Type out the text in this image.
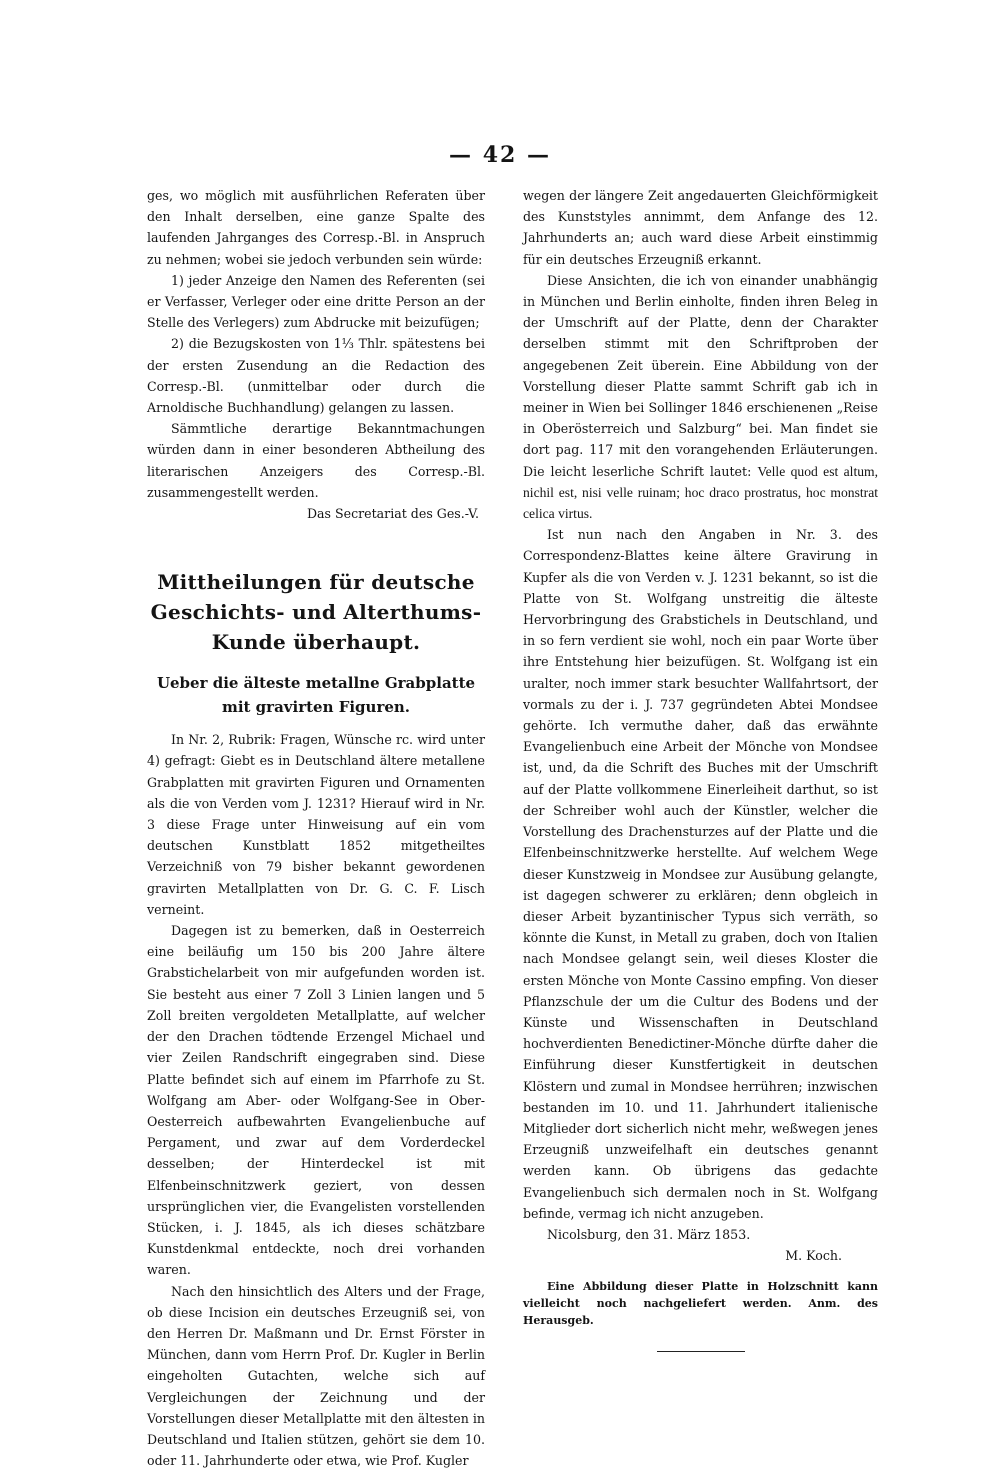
— 42 —

ges, wo möglich mit ausführlichen Referaten über den Inhalt derselben, eine ganze Spalte des laufenden Jahrganges des Corresp.-Bl. in Anspruch zu nehmen; wobei sie jedoch verbunden sein würde:

1) jeder Anzeige den Namen des Referenten (sei er Verfasser, Verleger oder eine dritte Person an der Stelle des Verlegers) zum Abdrucke mit beizufügen;

2) die Bezugskosten von 1⅓ Thlr. spätestens bei der ersten Zusendung an die Redaction des Corresp.-Bl. (unmittelbar oder durch die Arnoldische Buchhandlung) gelangen zu lassen.

Sämmtliche derartige Bekanntmachungen würden dann in einer besonderen Abtheilung des literarischen Anzeigers des Corresp.-Bl. zusammengestellt werden.

Das Secretariat des Ges.-V.

Mittheilungen für deutsche Geschichts- und Alterthums-Kunde überhaupt.

Ueber die älteste metallne Grabplatte mit gravirten Figuren.

In Nr. 2, Rubrik: Fragen, Wünsche rc. wird unter 4) gefragt: Giebt es in Deutschland ältere metallene Grabplatten mit gravirten Figuren und Ornamenten als die von Verden vom J. 1231? Hierauf wird in Nr. 3 diese Frage unter Hinweisung auf ein vom deutschen Kunstblatt 1852 mitgetheiltes Verzeichniß von 79 bisher bekannt gewordenen gravirten Metallplatten von Dr. G. C. F. Lisch verneint.

Dagegen ist zu bemerken, daß in Oesterreich eine beiläufig um 150 bis 200 Jahre ältere Grabstichelarbeit von mir aufgefunden worden ist. Sie besteht aus einer 7 Zoll 3 Linien langen und 5 Zoll breiten vergoldeten Metallplatte, auf welcher der den Drachen tödtende Erzengel Michael und vier Zeilen Randschrift eingegraben sind. Diese Platte befindet sich auf einem im Pfarrhofe zu St. Wolfgang am Aber- oder Wolfgang-See in Ober-Oesterreich aufbewahrten Evangelienbuche auf Pergament, und zwar auf dem Vorderdeckel desselben; der Hinterdeckel ist mit Elfenbeinschnitzwerk geziert, von dessen ursprünglichen vier, die Evangelisten vorstellenden Stücken, i. J. 1845, als ich dieses schätzbare Kunstdenkmal entdeckte, noch drei vorhanden waren.

Nach den hinsichtlich des Alters und der Frage, ob diese Incision ein deutsches Erzeugniß sei, von den Herren Dr. Maßmann und Dr. Ernst Förster in München, dann vom Herrn Prof. Dr. Kugler in Berlin eingeholten Gutachten, welche sich auf Vergleichungen der Zeichnung und der Vorstellungen dieser Metallplatte mit den ältesten in Deutschland und Italien stützen, gehört sie dem 10. oder 11. Jahrhunderte oder etwa, wie Prof. Kugler

wegen der längere Zeit angedauerten Gleichförmigkeit des Kunststyles annimmt, dem Anfange des 12. Jahrhunderts an; auch ward diese Arbeit einstimmig für ein deutsches Erzeugniß erkannt.

Diese Ansichten, die ich von einander unabhängig in München und Berlin einholte, finden ihren Beleg in der Umschrift auf der Platte, denn der Charakter derselben stimmt mit den Schriftproben der angegebenen Zeit überein. Eine Abbildung von der Vorstellung dieser Platte sammt Schrift gab ich in meiner in Wien bei Sollinger 1846 erschienenen „Reise in Oberösterreich und Salzburg“ bei. Man findet sie dort pag. 117 mit den vorangehenden Erläuterungen. Die leicht leserliche Schrift lautet: Velle quod est altum, nichil est, nisi velle ruinam; hoc draco prostratus, hoc monstrat celica virtus.

Ist nun nach den Angaben in Nr. 3. des Correspondenz-Blattes keine ältere Gravirung in Kupfer als die von Verden v. J. 1231 bekannt, so ist die Platte von St. Wolfgang unstreitig die älteste Hervorbringung des Grabstichels in Deutschland, und in so fern verdient sie wohl, noch ein paar Worte über ihre Entstehung hier beizufügen. St. Wolfgang ist ein uralter, noch immer stark besuchter Wallfahrtsort, der vormals zu der i. J. 737 gegründeten Abtei Mondsee gehörte. Ich vermuthe daher, daß das erwähnte Evangelienbuch eine Arbeit der Mönche von Mondsee ist, und, da die Schrift des Buches mit der Umschrift auf der Platte vollkommene Einerleiheit darthut, so ist der Schreiber wohl auch der Künstler, welcher die Vorstellung des Drachensturzes auf der Platte und die Elfenbeinschnitzwerke herstellte. Auf welchem Wege dieser Kunstzweig in Mondsee zur Ausübung gelangte, ist dagegen schwerer zu erklären; denn obgleich in dieser Arbeit byzantinischer Typus sich verräth, so könnte die Kunst, in Metall zu graben, doch von Italien nach Mondsee gelangt sein, weil dieses Kloster die ersten Mönche von Monte Cassino empfing. Von dieser Pflanzschule der um die Cultur des Bodens und der Künste und Wissenschaften in Deutschland hochverdienten Benedictiner-Mönche dürfte daher die Einführung dieser Kunstfertigkeit in deutschen Klöstern und zumal in Mondsee herrühren; inzwischen bestanden im 10. und 11. Jahrhundert italienische Mitglieder dort sicherlich nicht mehr, weßwegen jenes Erzeugniß unzweifelhaft ein deutsches genannt werden kann. Ob übrigens das gedachte Evangelienbuch sich dermalen noch in St. Wolfgang befinde, vermag ich nicht anzugeben.

Nicolsburg, den 31. März 1853.

M. Koch.

Eine Abbildung dieser Platte in Holzschnitt kann vielleicht noch nachgeliefert werden. Anm. des Herausgeb.
